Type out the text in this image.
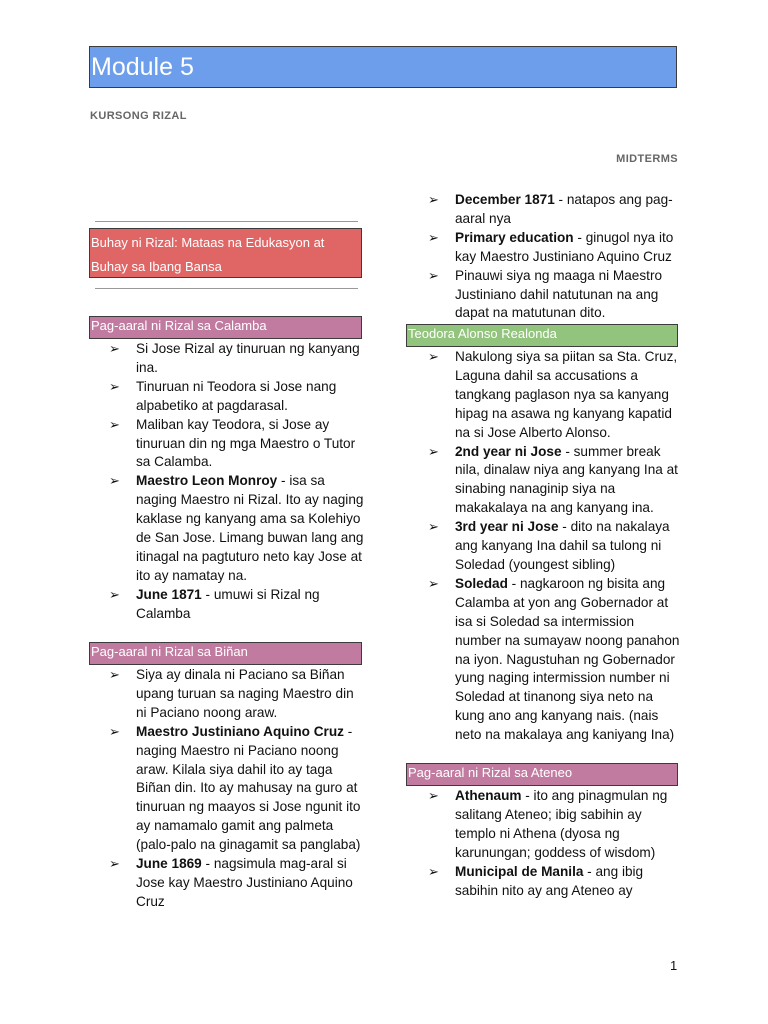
Module 5
KURSONG RIZAL
MIDTERMS
Buhay ni Rizal: Mataas na Edukasyon at Buhay sa Ibang Bansa
Pag-aaral ni Rizal sa Calamba
➢ Si Jose Rizal ay tinuruan ng kanyang ina.
➢ Tinuruan ni Teodora si Jose nang alpabetiko at pagdarasal.
➢ Maliban kay Teodora, si Jose ay tinuruan din ng mga Maestro o Tutor sa Calamba.
➢ Maestro Leon Monroy - isa sa naging Maestro ni Rizal. Ito ay naging kaklase ng kanyang ama sa Kolehiyo de San Jose. Limang buwan lang ang itinagal na pagtuturo neto kay Jose at ito ay namatay na.
➢ June 1871 - umuwi si Rizal ng Calamba
Pag-aaral ni Rizal sa Biñan
➢ Siya ay dinala ni Paciano sa Biñan upang turuan sa naging Maestro din ni Paciano noong araw.
➢ Maestro Justiniano Aquino Cruz - naging Maestro ni Paciano noong araw. Kilala siya dahil ito ay taga Biñan din. Ito ay mahusay na guro at tinuruan ng maayos si Jose ngunit ito ay namamalo gamit ang palmeta (palo-palo na ginagamit sa panglaba)
➢ June 1869 - nagsimula mag-aral si Jose kay Maestro Justiniano Aquino Cruz
➢ December 1871 - natapos ang pag-aaral nya
➢ Primary education - ginugol nya ito kay Maestro Justiniano Aquino Cruz
➢ Pinauwi siya ng maaga ni Maestro Justiniano dahil natutunan na ang dapat na matutunan dito.
Teodora Alonso Realonda
➢ Nakulong siya sa piitan sa Sta. Cruz, Laguna dahil sa accusations a tangkang paglason nya sa kanyang hipag na asawa ng kanyang kapatid na si Jose Alberto Alonso.
➢ 2nd year ni Jose - summer break nila, dinalaw niya ang kanyang Ina at sinabing nanaginip siya na makakalaya na ang kanyang ina.
➢ 3rd year ni Jose - dito na nakalaya ang kanyang Ina dahil sa tulong ni Soledad (youngest sibling)
➢ Soledad - nagkaroon ng bisita ang Calamba at yon ang Gobernador at isa si Soledad sa intermission number na sumayaw noong panahon na iyon. Nagustuhan ng Gobernador yung naging intermission number ni Soledad at tinanong siya neto na kung ano ang kanyang nais. (nais neto na makalaya ang kaniyang Ina)
Pag-aaral ni Rizal sa Ateneo
➢ Athenaum - ito ang pinagmulan ng salitang Ateneo; ibig sabihin ay templo ni Athena (dyosa ng karunungan; goddess of wisdom)
➢ Municipal de Manila - ang ibig sabihin nito ay ang Ateneo ay
1
